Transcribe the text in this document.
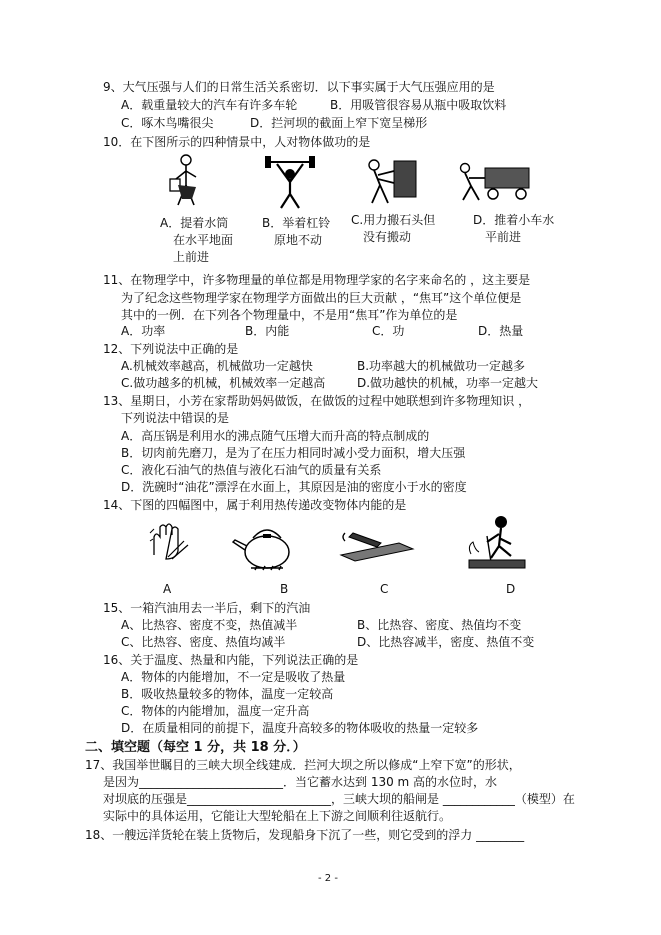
9、大气压强与人们的日常生活关系密切．以下事实属于大气压强应用的是
A．载重量较大的汽车有许多车轮	B．用吸管很容易从瓶中吸取饮料
C．啄木鸟嘴很尖	D．拦河坝的截面上窄下宽呈梯形
10．在下图所示的四种情景中，人对物体做功的是
A．提着水筒
在水平地面
上前进
B．举着杠铃
原地不动
C.用力搬石头但
没有搬动
D．推着小车水
平前进
11、在物理学中，许多物理量的单位都是用物理学家的名字来命名的 ，这主要是
为了纪念这些物理学家在物理学方面做出的巨大贡献 ，“焦耳”这个单位便是
其中的一例．在下列各个物理量中，不是用“焦耳”作为单位的是
A．功率	B．内能	C．功	D．热量
12、下列说法中正确的是
A.机械效率越高，机械做功一定越快	B.功率越大的机械做功一定越多
C.做功越多的机械，机械效率一定越高	D.做功越快的机械，功率一定越大
13、星期日，小芳在家帮助妈妈做饭，在做饭的过程中她联想到许多物理知识 ，
下列说法中错误的是
A．高压锅是利用水的沸点随气压增大而升高的特点制成的
B．切肉前先磨刀，是为了在压力相同时减小受力面积，增大压强
C．液化石油气的热值与液化石油气的质量有关系
D．洗碗时“油花”漂浮在水面上，其原因是油的密度小于水的密度
14、下图的四幅图中，属于利用热传递改变物体内能的是
A	B	C	D
15、一箱汽油用去一半后，剩下的汽油
A、比热容、密度不变，热值减半	B、比热容、密度、热值均不变
C、比热容、密度、热值均减半	D、比热容减半，密度、热值不变
16、关于温度、热量和内能，下列说法正确的是
A．物体的内能增加，不一定是吸收了热量
B．吸收热量较多的物体，温度一定较高
C．物体的内能增加，温度一定升高
D．在质量相同的前提下，温度升高较多的物体吸收的热量一定较多
二、填空题（每空 1 分，共 18 分．）
17、我国举世瞩目的三峡大坝全线建成．拦河大坝之所以修成“上窄下宽”的形状，
是因为________________________．当它蓄水达到 130 m 高的水位时，水
对坝底的压强是________________________，三峡大坝的船闸是 ____________（模型）在
实际中的具体运用，它能让大型轮船在上下游之间顺利往返航行。
18、一艘远洋货轮在装上货物后，发现船身下沉了一些，则它受到的浮力 ________
- 2 -
